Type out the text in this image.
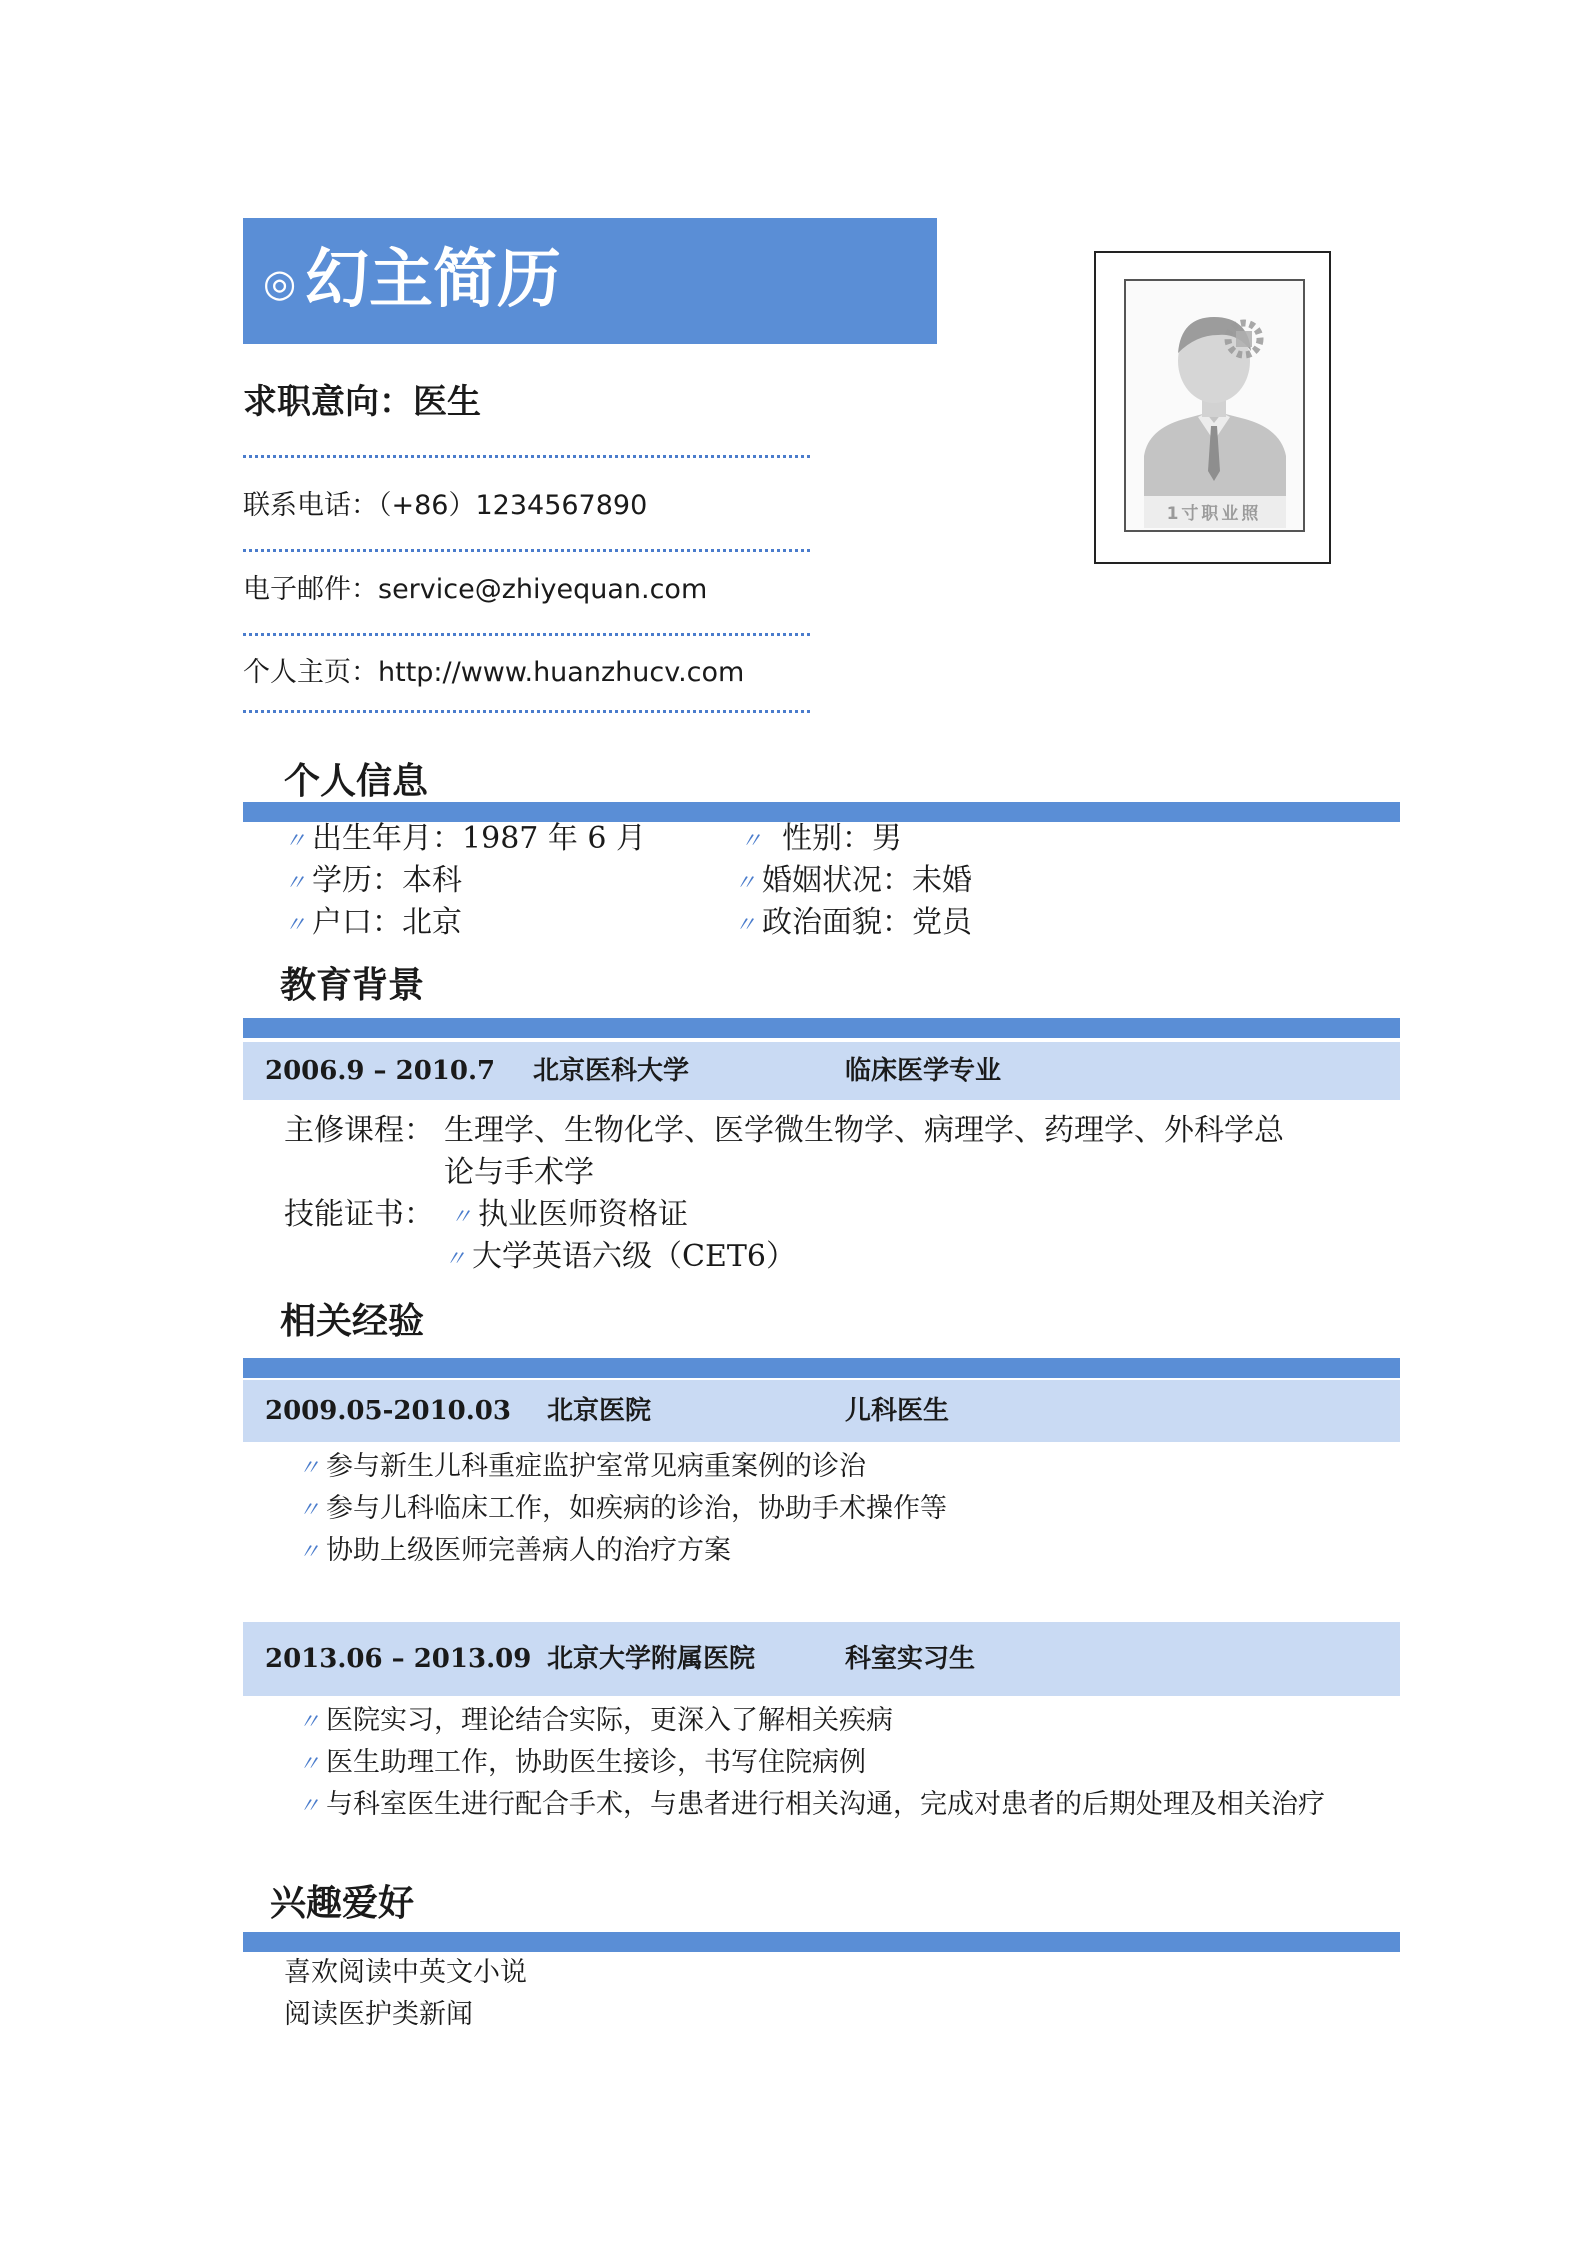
◎ 幻主简历
求职意向：医生
联系电话：（+86）1234567890
电子邮件：service@zhiyequan.com
个人主页：http://www.huanzhucv.com
1寸职业照
个人信息
〃 出生年月：1987 年 6 月	〃 性别：男
〃 学历：本科	〃 婚姻状况：未婚
〃 户口：北京	〃 政治面貌：党员
教育背景
2006.9 – 2010.7 北京医科大学	临床医学专业
主修课程： 生理学、生物化学、医学微生物学、病理学、药理学、外科学总
论与手术学
技能证书： 〃 执业医师资格证
〃 大学英语六级（CET6）
相关经验
2009.05-2010.03 北京医院	儿科医生
〃 参与新生儿科重症监护室常见病重案例的诊治
〃 参与儿科临床工作，如疾病的诊治，协助手术操作等
〃 协助上级医师完善病人的治疗方案
2013.06 – 2013.09 北京大学附属医院	科室实习生
〃 医院实习，理论结合实际，更深入了解相关疾病
〃 医生助理工作，协助医生接诊，书写住院病例
〃 与科室医生进行配合手术，与患者进行相关沟通，完成对患者的后期处理及相关治疗
兴趣爱好
喜欢阅读中英文小说
阅读医护类新闻
